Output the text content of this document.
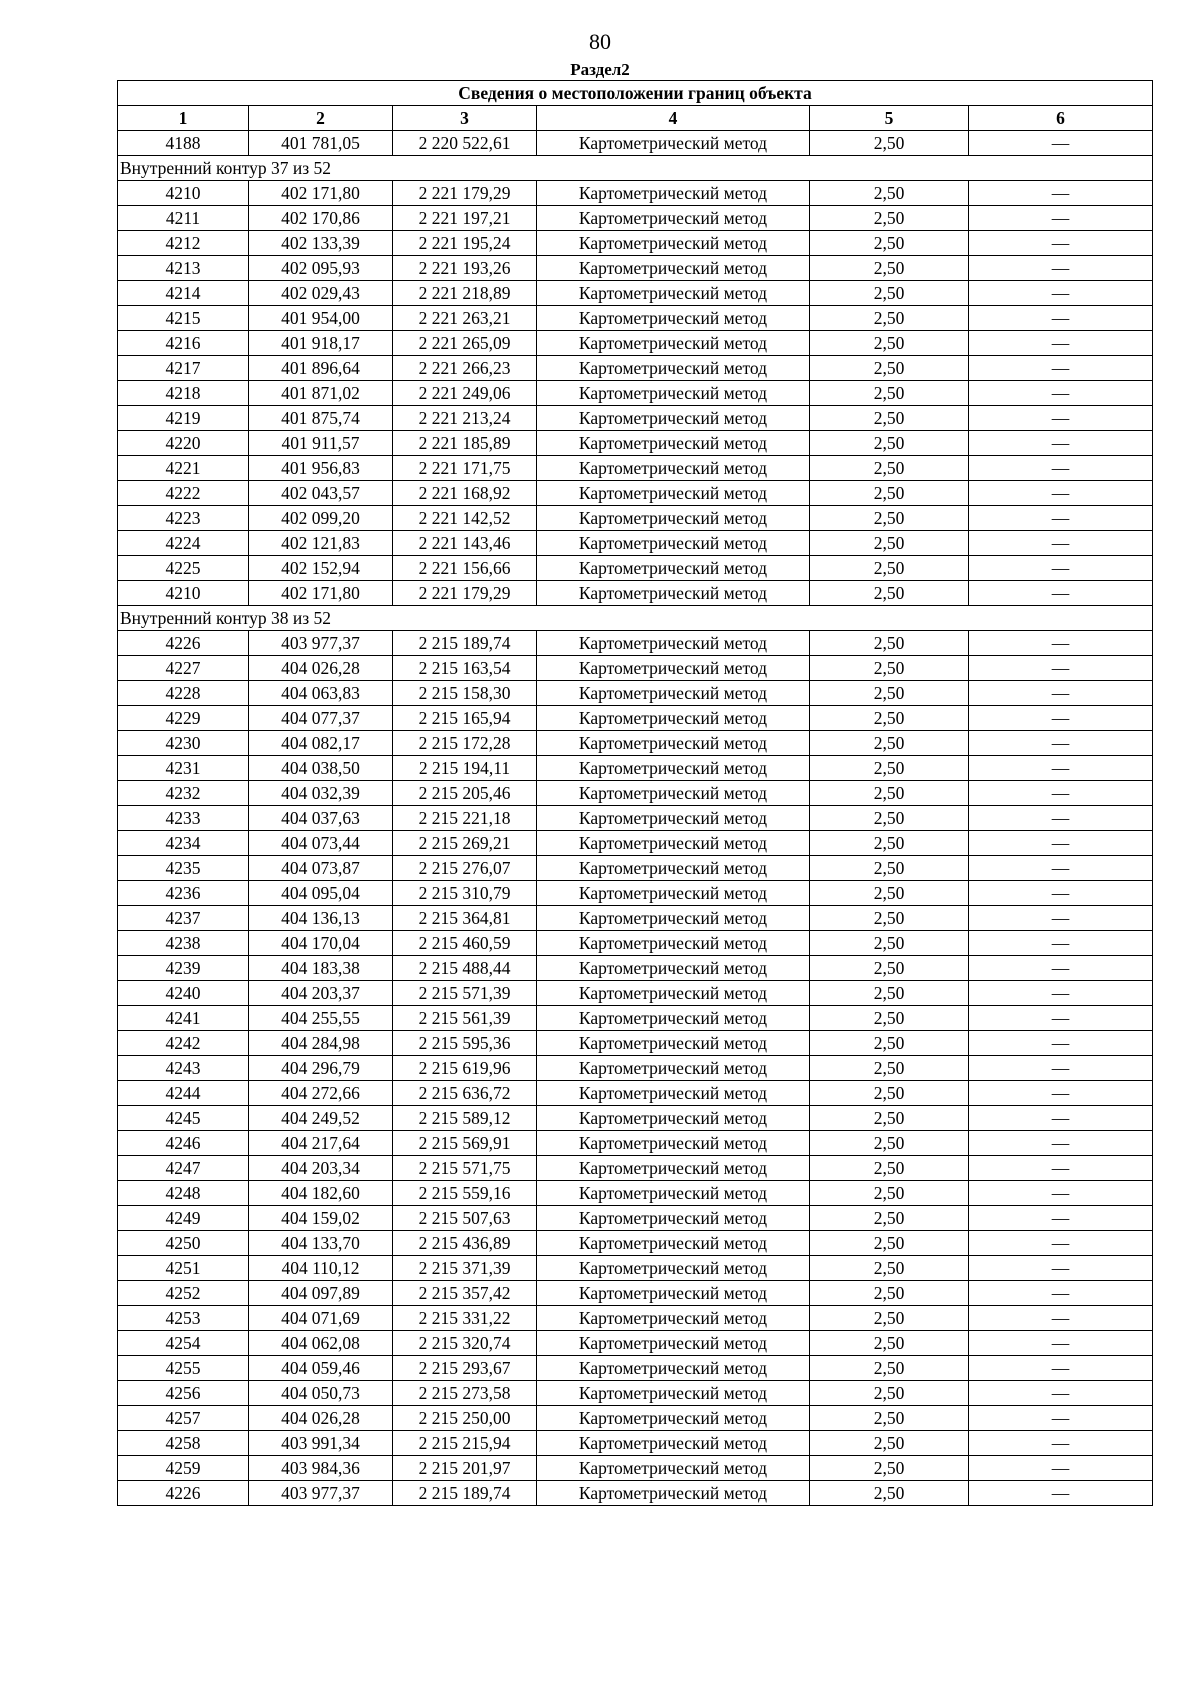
80
Раздел2
Сведения о местоположении границ объекта					
1	2	3	4	5	6
4188	401 781,05	2 220 522,61	Картометрический метод	2,50	—
Внутренний контур 37 из 52					
4210	402 171,80	2 221 179,29	Картометрический метод	2,50	—
4211	402 170,86	2 221 197,21	Картометрический метод	2,50	—
4212	402 133,39	2 221 195,24	Картометрический метод	2,50	—
4213	402 095,93	2 221 193,26	Картометрический метод	2,50	—
4214	402 029,43	2 221 218,89	Картометрический метод	2,50	—
4215	401 954,00	2 221 263,21	Картометрический метод	2,50	—
4216	401 918,17	2 221 265,09	Картометрический метод	2,50	—
4217	401 896,64	2 221 266,23	Картометрический метод	2,50	—
4218	401 871,02	2 221 249,06	Картометрический метод	2,50	—
4219	401 875,74	2 221 213,24	Картометрический метод	2,50	—
4220	401 911,57	2 221 185,89	Картометрический метод	2,50	—
4221	401 956,83	2 221 171,75	Картометрический метод	2,50	—
4222	402 043,57	2 221 168,92	Картометрический метод	2,50	—
4223	402 099,20	2 221 142,52	Картометрический метод	2,50	—
4224	402 121,83	2 221 143,46	Картометрический метод	2,50	—
4225	402 152,94	2 221 156,66	Картометрический метод	2,50	—
4210	402 171,80	2 221 179,29	Картометрический метод	2,50	—
Внутренний контур 38 из 52					
4226	403 977,37	2 215 189,74	Картометрический метод	2,50	—
4227	404 026,28	2 215 163,54	Картометрический метод	2,50	—
4228	404 063,83	2 215 158,30	Картометрический метод	2,50	—
4229	404 077,37	2 215 165,94	Картометрический метод	2,50	—
4230	404 082,17	2 215 172,28	Картометрический метод	2,50	—
4231	404 038,50	2 215 194,11	Картометрический метод	2,50	—
4232	404 032,39	2 215 205,46	Картометрический метод	2,50	—
4233	404 037,63	2 215 221,18	Картометрический метод	2,50	—
4234	404 073,44	2 215 269,21	Картометрический метод	2,50	—
4235	404 073,87	2 215 276,07	Картометрический метод	2,50	—
4236	404 095,04	2 215 310,79	Картометрический метод	2,50	—
4237	404 136,13	2 215 364,81	Картометрический метод	2,50	—
4238	404 170,04	2 215 460,59	Картометрический метод	2,50	—
4239	404 183,38	2 215 488,44	Картометрический метод	2,50	—
4240	404 203,37	2 215 571,39	Картометрический метод	2,50	—
4241	404 255,55	2 215 561,39	Картометрический метод	2,50	—
4242	404 284,98	2 215 595,36	Картометрический метод	2,50	—
4243	404 296,79	2 215 619,96	Картометрический метод	2,50	—
4244	404 272,66	2 215 636,72	Картометрический метод	2,50	—
4245	404 249,52	2 215 589,12	Картометрический метод	2,50	—
4246	404 217,64	2 215 569,91	Картометрический метод	2,50	—
4247	404 203,34	2 215 571,75	Картометрический метод	2,50	—
4248	404 182,60	2 215 559,16	Картометрический метод	2,50	—
4249	404 159,02	2 215 507,63	Картометрический метод	2,50	—
4250	404 133,70	2 215 436,89	Картометрический метод	2,50	—
4251	404 110,12	2 215 371,39	Картометрический метод	2,50	—
4252	404 097,89	2 215 357,42	Картометрический метод	2,50	—
4253	404 071,69	2 215 331,22	Картометрический метод	2,50	—
4254	404 062,08	2 215 320,74	Картометрический метод	2,50	—
4255	404 059,46	2 215 293,67	Картометрический метод	2,50	—
4256	404 050,73	2 215 273,58	Картометрический метод	2,50	—
4257	404 026,28	2 215 250,00	Картометрический метод	2,50	—
4258	403 991,34	2 215 215,94	Картометрический метод	2,50	—
4259	403 984,36	2 215 201,97	Картометрический метод	2,50	—
4226	403 977,37	2 215 189,74	Картометрический метод	2,50	—
